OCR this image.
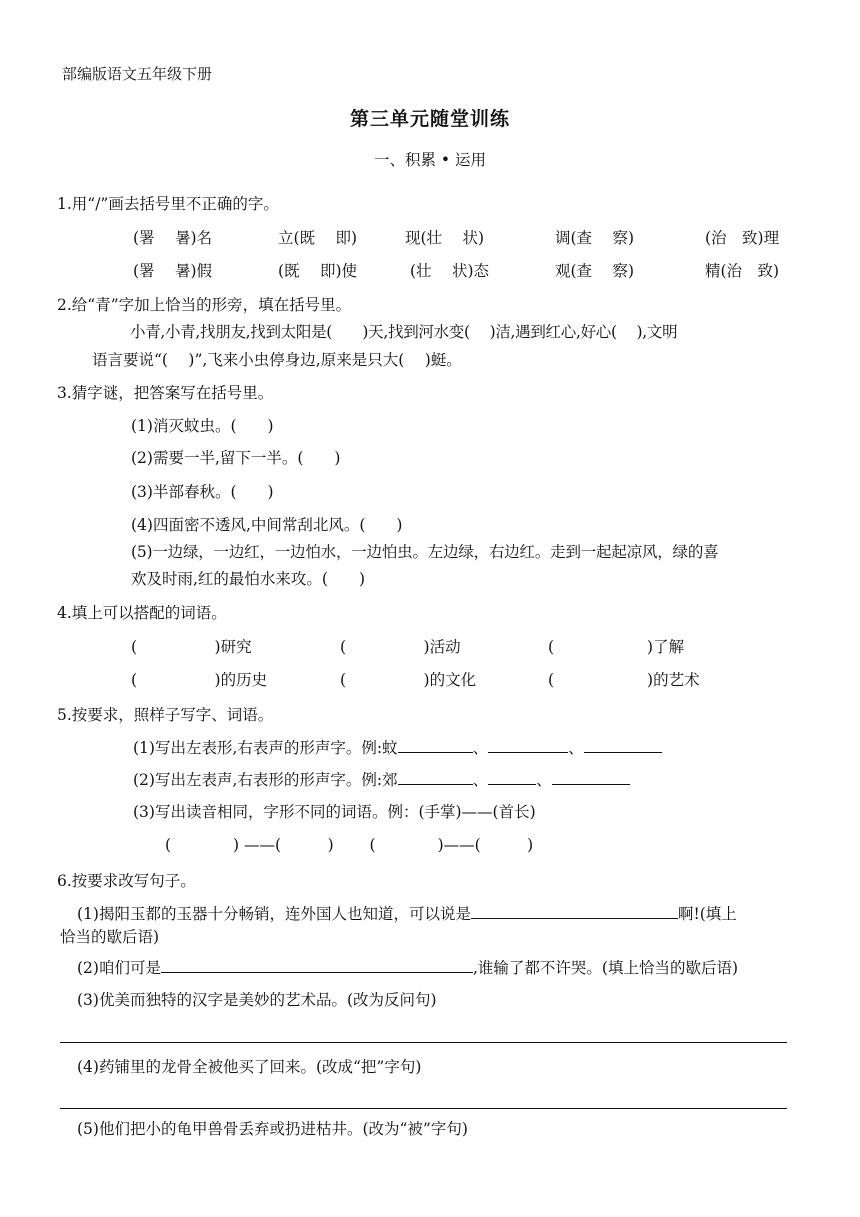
部编版语文五年级下册
第三单元随堂训练
一、积累 • 运用
1.用“/”画去括号里不正确的字。
(署　 暑)名	立(既　 即)	现(壮　 状)	调(查　 察)	(治　致)理
(署　 暑)假	(既　 即)使	(壮　 状)态	观(查　 察)	精(治　致)
2.给“青”字加上恰当的形旁，填在括号里。
小青,小青,找朋友,找到太阳是(　　)天,找到河水变(　 )洁,遇到红心,好心(　 ),文明
语言要说“(　 )”,飞来小虫停身边,原来是只大(　 )蜓。
3.猜字谜，把答案写在括号里。
(1)消灭蚊虫。(　　)
(2)需要一半,留下一半。(　　)
(3)半部春秋。(　　)
(4)四面密不透风,中间常刮北风。(　　)
(5)一边绿，一边红，一边怕水，一边怕虫。左边绿，右边红。走到一起起凉风，绿的喜
欢及时雨,红的最怕水来攻。(　　)
4.填上可以搭配的词语。
(　　　　　)研究	(　　　　　)活动	(　　　　　　)了解
(　　　　　)的历史	(　　　　　)的文化	(　　　　　　)的艺术
5.按要求，照样子写字、词语。
(1)写出左表形,右表声的形声字。例:蚊	、	、
(2)写出左表声,右表形的形声字。例:郊	、	、
(3)写出读音相同，字形不同的词语。例：(手掌)——(首长)
(　　　　) ——(　　　)　　 (　　　　)——(　　　)
6.按要求改写句子。
(1)揭阳玉都的玉器十分畅销，连外国人也知道，可以说是	啊!(填上
恰当的歇后语)
(2)咱们可是	,谁输了都不许哭。(填上恰当的歇后语)
(3)优美而独特的汉字是美妙的艺术品。(改为反问句)
(4)药铺里的龙骨全被他买了回来。(改成“把”字句)
(5)他们把小的龟甲兽骨丢弃或扔进枯井。(改为“被”字句)
